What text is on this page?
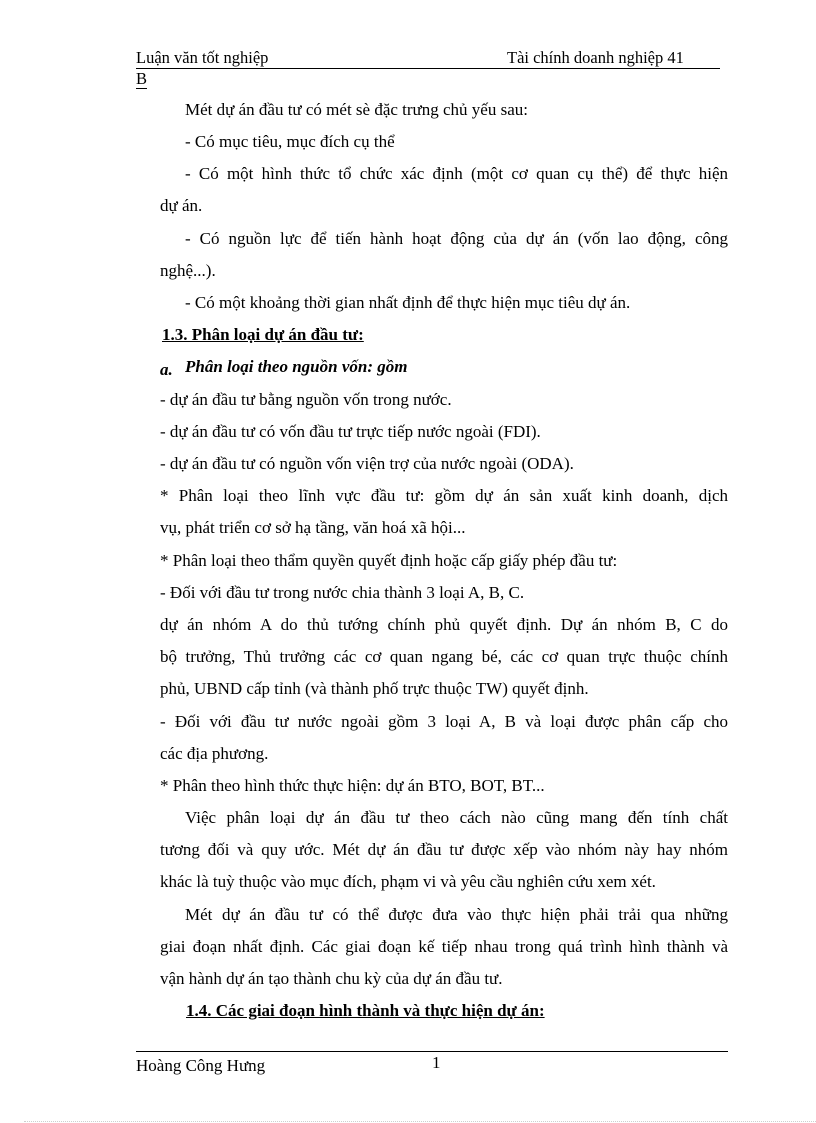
Luận văn tốt nghiệp	Tài chính doanh nghiệp 41
B
Mét dự án đầu tư có mét sè đặc trưng chủ yếu sau:
- Có mục tiêu, mục đích cụ thể
- Có một hình thức tổ chức xác định (một cơ quan cụ thể) để thực hiện
dự án.
- Có nguồn lực để tiến hành hoạt động của dự án (vốn lao động, công
nghệ...).
- Có một khoảng thời gian nhất định để thực hiện mục tiêu dự án.
1.3. Phân loại dự án đầu tư:
a. Phân loại theo nguồn vốn: gồm
- dự án đầu tư bằng nguồn vốn trong nước.
- dự án đầu tư có vốn đầu tư trực tiếp nước ngoài (FDI).
- dự án đầu tư có nguồn vốn viện trợ của nước ngoài (ODA).
* Phân loại theo lĩnh vực đầu tư: gồm dự án sản xuất kinh doanh, dịch
vụ, phát triển cơ sở hạ tầng, văn hoá xã hội...
* Phân loại theo thẩm quyền quyết định hoặc cấp giấy phép đầu tư:
- Đối với đầu tư trong nước chia thành 3 loại A, B, C.
dự án nhóm A do thủ tướng chính phủ quyết định. Dự án nhóm B, C do
bộ trưởng, Thủ trưởng các cơ quan ngang bé, các cơ quan trực thuộc chính
phủ, UBND cấp tỉnh (và thành phố trực thuộc TW) quyết định.
- Đối với đầu tư nước ngoài gồm 3 loại A, B và loại được phân cấp cho
các địa phương.
* Phân theo hình thức thực hiện: dự án BTO, BOT, BT...
Việc phân loại dự án đầu tư theo cách nào cũng mang đến tính chất
tương đối và quy ước. Mét dự án đầu tư được xếp vào nhóm này hay nhóm
khác là tuỳ thuộc vào mục đích, phạm vi và yêu cầu nghiên cứu xem xét.
Mét dự án đầu tư có thể được đưa vào thực hiện phải trải qua những
giai đoạn nhất định. Các giai đoạn kế tiếp nhau trong quá trình hình thành và
vận hành dự án tạo thành chu kỳ của dự án đầu tư.
1.4. Các giai đoạn hình thành và thực hiện dự án:
Hoàng Công Hưng	1
